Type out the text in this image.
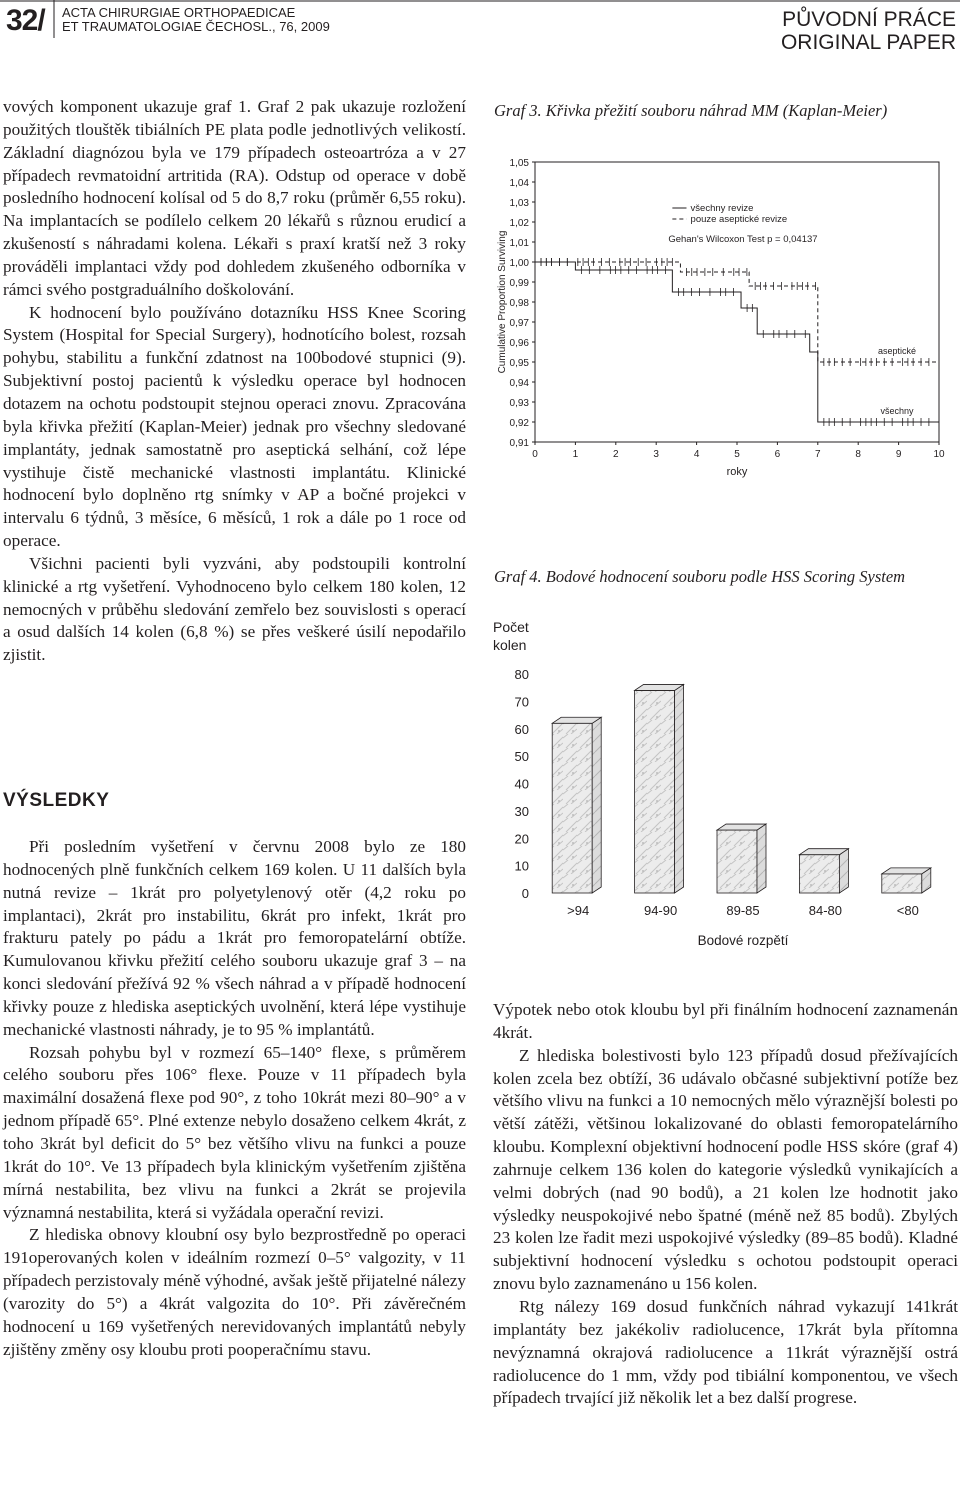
32/ ACTA CHIRURGIAE ORTHOPAEDICAE
ET TRAUMATOLOGIAE ČECHOSL., 76, 2009	PŮVODNÍ PRÁCE
ORIGINAL PAPER

vových komponent ukazuje graf 1. Graf 2 pak ukazuje rozložení použitých tlouštěk tibiálních PE plata podle jednotlivých velikostí. Základní diagnózou byla ve 179 případech osteoartróza a v 27 případech revmatoidní artritida (RA). Odstup od operace v době posledního hodnocení kolísal od 5 do 8,7 roku (průměr 6,55 roku). Na implantacích se podílelo celkem 20 lékařů s různou erudicí a zkušeností s náhradami kolena. Lékaři s praxí kratší než 3 roky prováděli implantaci vždy pod dohledem zkušeného odborníka v rámci svého postgraduálního doškolování.

K hodnocení bylo používáno dotazníku HSS Knee Scoring System (Hospital for Special Surgery), hodnotícího bolest, rozsah pohybu, stabilitu a funkční zdatnost na 100bodové stupnici (9). Subjektivní postoj pacientů k výsledku operace byl hodnocen dotazem na ochotu podstoupit stejnou operaci znovu. Zpracována byla křivka přežití (Kaplan-Meier) jednak pro všechny sledované implantáty, jednak samostatně pro aseptická selhání, což lépe vystihuje čistě mechanické vlastnosti implantátu. Klinické hodnocení bylo doplněno rtg snímky v AP a bočné projekci v intervalu 6 týdnů, 3 měsíce, 6 měsíců, 1 rok a dále po 1 roce od operace.

Všichni pacienti byli vyzváni, aby podstoupili kontrolní klinické a rtg vyšetření. Vyhodnoceno bylo celkem 180 kolen, 12 nemocných v průběhu sledování zemřelo bez souvislosti s operací a osud dalších 14 kolen (6,8 %) se přes veškeré úsilí nepodařilo zjistit.

VÝSLEDKY

Při posledním vyšetření v červnu 2008 bylo ze 180 hodnocených plně funkčních celkem 169 kolen. U 11 dalších byla nutná revize – 1krát pro polyetylenový otěr (4,2 roku po implantaci), 2krát pro instabilitu, 6krát pro infekt, 1krát pro frakturu pately po pádu a 1krát pro femoropatelární obtíže. Kumulovanou křivku přežití celého souboru ukazuje graf 3 – na konci sledování přežívá 92 % všech náhrad a v případě hodnocení křivky pouze z hlediska aseptických uvolnění, která lépe vystihuje mechanické vlastnosti náhrady, je to 95 % implantátů.

Rozsah pohybu byl v rozmezí 65–140° flexe, s průměrem celého souboru přes 106° flexe. Pouze v 11 případech byla maximální dosažená flexe pod 90°, z toho 10krát mezi 80–90° a v jednom případě 65°. Plné extenze nebylo dosaženo celkem 4krát, z toho 3krát byl deficit do 5° bez většího vlivu na funkci a pouze 1krát do 10°. Ve 13 případech byla klinickým vyšetřením zjištěna mírná nestabilita, bez vlivu na funkci a 2krát se projevila významná nestabilita, která si vyžádala operační revizi.

Z hlediska obnovy kloubní osy bylo bezprostředně po operaci 191operovaných kolen v ideálním rozmezí 0–5° valgozity, v 11 případech perzistovaly méně výhodné, avšak ještě přijatelné nálezy (varozity do 5°) a 4krát valgozita do 10°. Při závěrečném hodnocení u 169 vyšetřených nerevidovaných implantátů nebyly zjištěny změny osy kloubu proti pooperačnímu stavu.

Graf 3. Křivka přežití souboru náhrad MM (Kaplan-Meier)
Graf 4. Bodové hodnocení souboru podle HSS Scoring System
1,05
1,04
1,03
1,02
1,01
1,00
0,99
0,98
0,97
0,96
0,95
0,94
0,93
0,92
0,91
0	1	2	3	4	5	6	7	8	9	10
roky
Cumulative Proportion Surviving
všechny
aseptické
všechny revize
pouze aseptické revize
Gehan's Wilcoxon Test p = 0,04137
Počet
kolen
0
10
20
30
40
50
60
70
80
>94	94-90	89-85	84-80	<80
Bodové rozpětí

Výpotek nebo otok kloubu byl při finálním hodnocení zaznamenán 4krát.

Z hlediska bolestivosti bylo 123 případů dosud přežívajících kolen zcela bez obtíží, 36 udávalo občasné subjektivní potíže bez většího vlivu na funkci a 10 nemocných mělo výraznější bolesti po větší zátěži, většinou lokalizované do oblasti femoropatelárního kloubu. Komplexní objektivní hodnocení podle HSS skóre (graf 4) zahrnuje celkem 136 kolen do kategorie výsledků vynikajících a velmi dobrých (nad 90 bodů), a 21 kolen lze hodnotit jako výsledky neuspokojivé nebo špatné (méně než 85 bodů). Zbylých 23 kolen lze řadit mezi uspokojivé výsledky (89–85 bodů). Kladné subjektivní hodnocení výsledku s ochotou podstoupit operaci znovu bylo zaznamenáno u 156 kolen.

Rtg nálezy 169 dosud funkčních náhrad vykazují 141krát implantáty bez jakékoliv radiolucence, 17krát byla přítomna nevýznamná okrajová radiolucence a 11krát výraznější ostrá radiolucence do 1 mm, vždy pod tibiální komponentou, ve všech případech trvající již několik let a bez další progrese.
